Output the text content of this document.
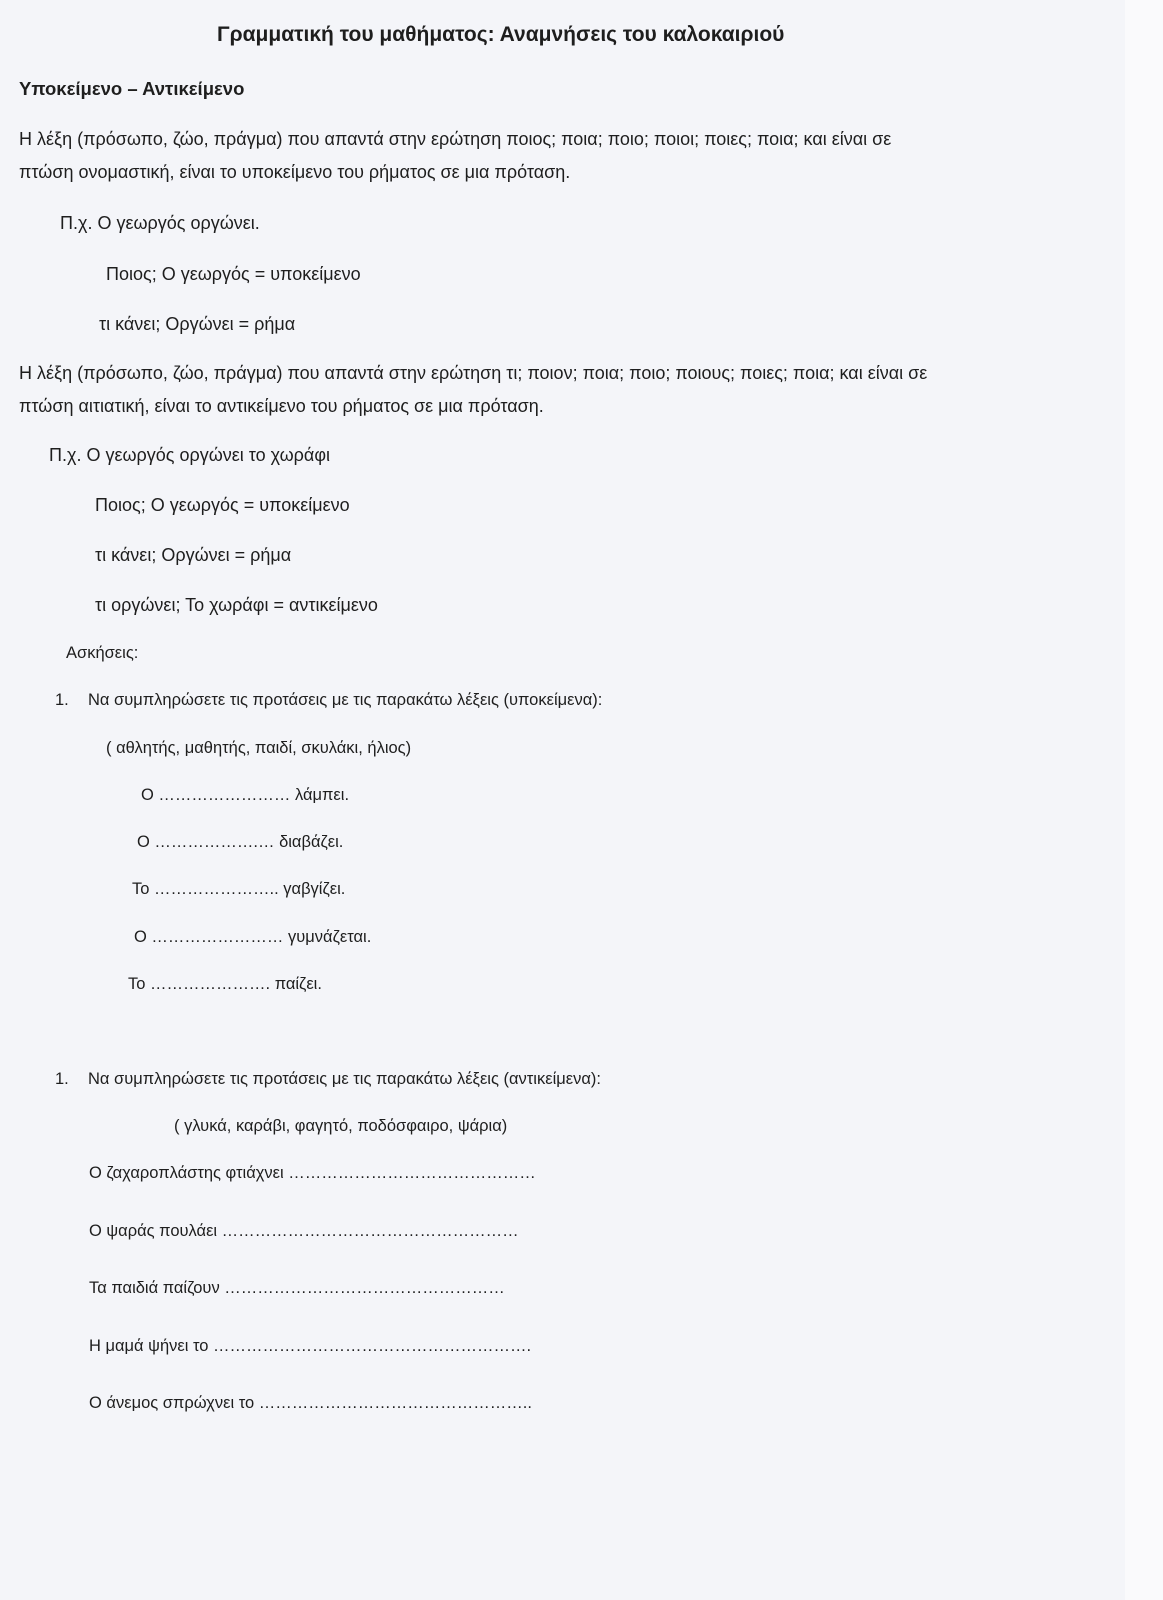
Γραμματική του μαθήματος: Αναμνήσεις του καλοκαιριού
Υποκείμενο – Αντικείμενο
Η λέξη (πρόσωπο, ζώο, πράγμα) που απαντά στην ερώτηση ποιος; ποια; ποιο; ποιοι; ποιες; ποια; και είναι σε
πτώση ονομαστική, είναι το υποκείμενο του ρήματος σε μια πρόταση.
Π.χ. Ο γεωργός οργώνει.
Ποιος; Ο γεωργός = υποκείμενο
τι κάνει; Οργώνει = ρήμα
Η λέξη (πρόσωπο, ζώο, πράγμα) που απαντά στην ερώτηση τι; ποιον; ποια; ποιο; ποιους; ποιες; ποια; και είναι σε
πτώση αιτιατική, είναι το αντικείμενο του ρήματος σε μια πρόταση.
Π.χ. Ο γεωργός οργώνει το χωράφι
Ποιος; Ο γεωργός = υποκείμενο
τι κάνει; Οργώνει = ρήμα
τι οργώνει; Το χωράφι = αντικείμενο
Ασκήσεις:
1. Να συμπληρώσετε τις προτάσεις με τις παρακάτω λέξεις (υποκείμενα):
( αθλητής, μαθητής, παιδί, σκυλάκι, ήλιος)
Ο …………………… λάμπει.
Ο ……………….… διαβάζει.
Το ………………….. γαβγίζει.
Ο …………………… γυμνάζεται.
Το …………………. παίζει.
1. Να συμπληρώσετε τις προτάσεις με τις παρακάτω λέξεις (αντικείμενα):
( γλυκά, καράβι, φαγητό, ποδόσφαιρο, ψάρια)
Ο ζαχαροπλάστης φτιάχνει ………………………………………
Ο ψαράς πουλάει ………………………………………………
Τα παιδιά παίζουν ……………………………………………
Η μαμά ψήνει το ………………………………………………….
Ο άνεμος σπρώχνει το …………………………………………..
